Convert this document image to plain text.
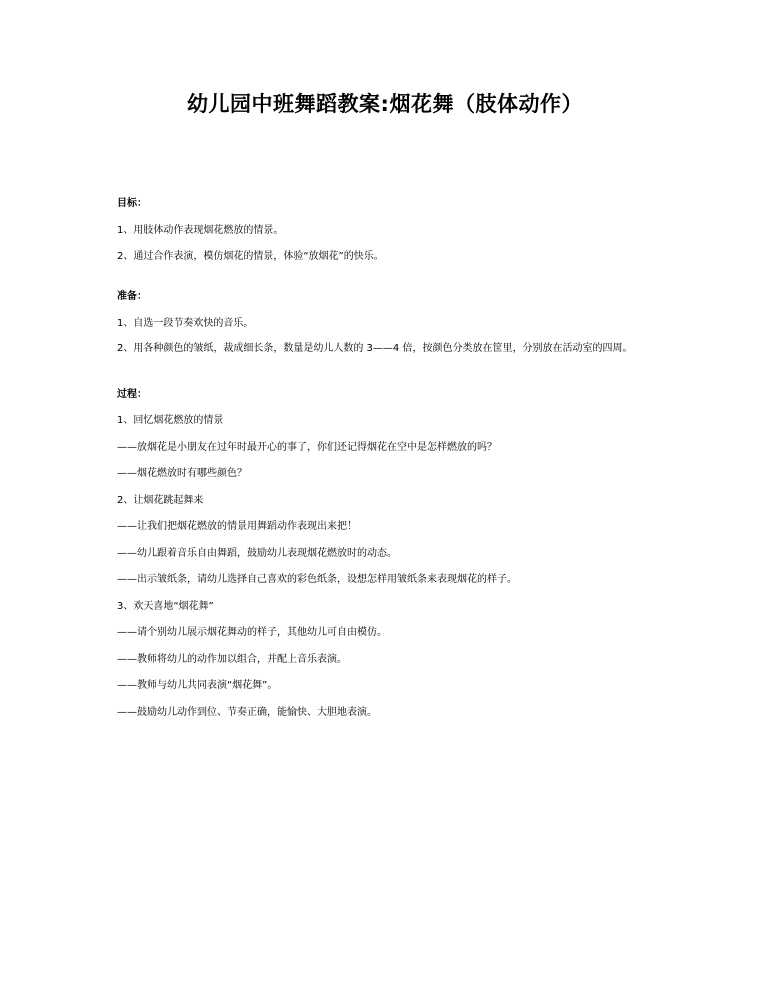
幼儿园中班舞蹈教案:烟花舞（肢体动作）

目标：

1、用肢体动作表现烟花燃放的情景。

2、通过合作表演，模仿烟花的情景，体验“放烟花”的快乐。

准备：

1、自选一段节奏欢快的音乐。

2、用各种颜色的皱纸，裁成细长条，数量是幼儿人数的 3——4 倍，按颜色分类放在筐里，分别放在活动室的四周。

过程：

1、回忆烟花燃放的情景

——放烟花是小朋友在过年时最开心的事了，你们还记得烟花在空中是怎样燃放的吗？

——烟花燃放时有哪些颜色？

2、让烟花跳起舞来

——让我们把烟花燃放的情景用舞蹈动作表现出来把！

——幼儿跟着音乐自由舞蹈，鼓励幼儿表现烟花燃放时的动态。

——出示皱纸条，请幼儿选择自己喜欢的彩色纸条，设想怎样用皱纸条来表现烟花的样子。

3、欢天喜地“烟花舞”

——请个别幼儿展示烟花舞动的样子，其他幼儿可自由模仿。

——教师将幼儿的动作加以组合，并配上音乐表演。

——教师与幼儿共同表演“烟花舞”。

——鼓励幼儿动作到位、节奏正确，能愉快、大胆地表演。
